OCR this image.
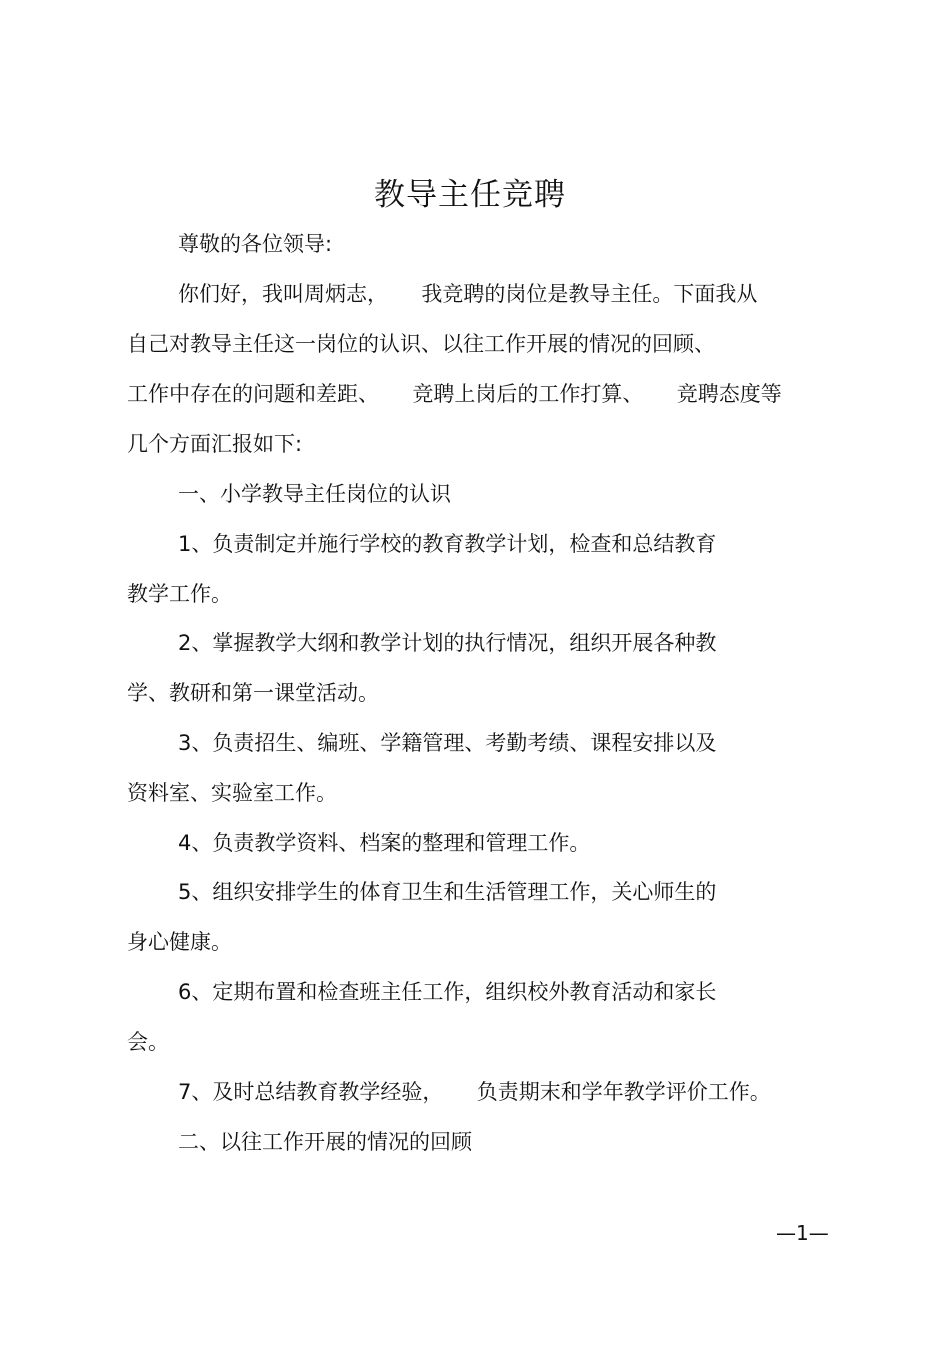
教导主任竞聘
尊敬的各位领导:
你们好，我叫周炳志，     我竞聘的岗位是教导主任。下面我从
自己对教导主任这一岗位的认识、以往工作开展的情况的回顾、
工作中存在的问题和差距、     竞聘上岗后的工作打算、     竞聘态度等
几个方面汇报如下:
一、小学教导主任岗位的认识
1、负责制定并施行学校的教育教学计划，检查和总结教育
教学工作。
2、掌握教学大纲和教学计划的执行情况，组织开展各种教
学、教研和第一课堂活动。
3、负责招生、编班、学籍管理、考勤考绩、课程安排以及
资料室、实验室工作。
4、负责教学资料、档案的整理和管理工作。
5、组织安排学生的体育卫生和生活管理工作，关心师生的
身心健康。
6、定期布置和检查班主任工作，组织校外教育活动和家长
会。
7、及时总结教育教学经验，     负责期末和学年教学评价工作。
二、以往工作开展的情况的回顾
—1—
